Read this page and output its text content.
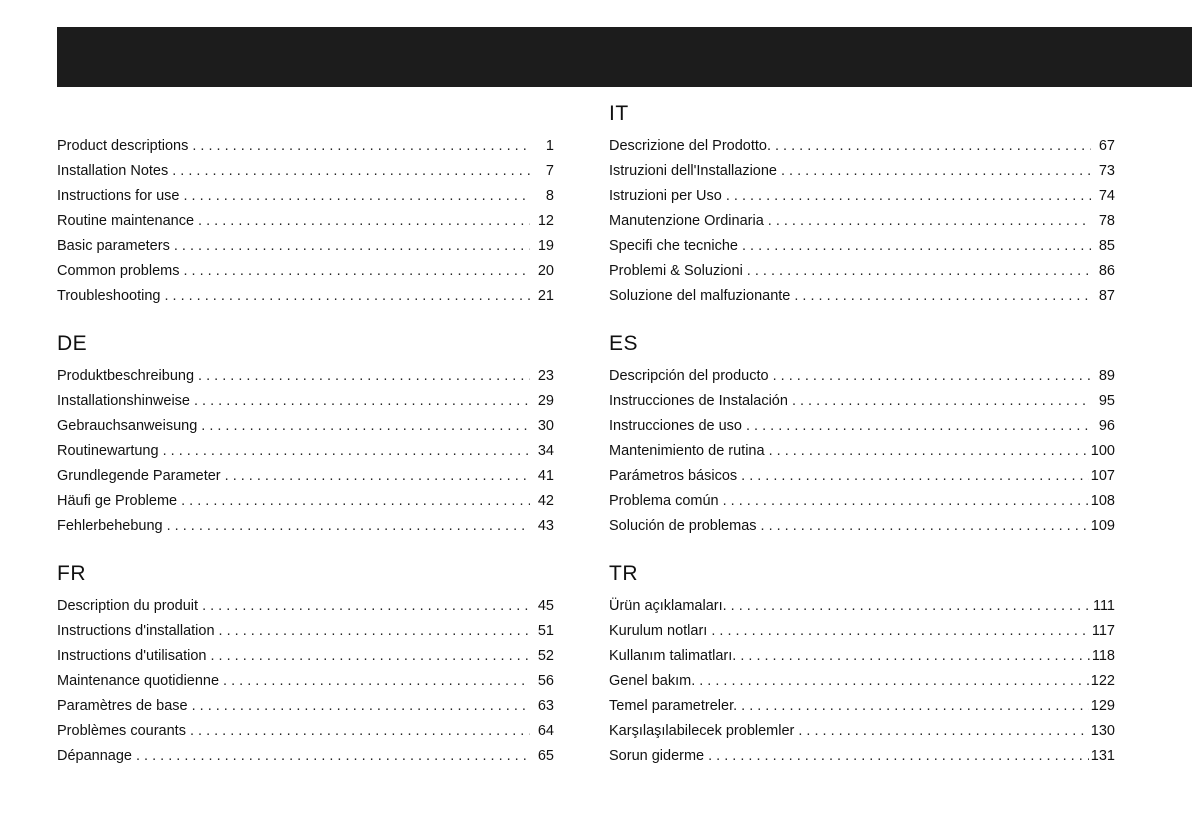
Product descriptions . . .	1
Installation Notes . . .	7
Instructions for use . . .	8
Routine maintenance . . .	12
Basic parameters . . .	19
Common problems . . .	20
Troubleshooting . . .	21
DE
Produktbeschreibung . . .	23
Installationshinweise . . .	29
Gebrauchsanweisung . . .	30
Routinewartung . . .	34
Grundlegende Parameter . . .	41
Häufi ge Probleme . . .	42
Fehlerbehebung . . .	43
FR
Description du produit . . .	45
Instructions d'installation . . .	51
Instructions d'utilisation . . .	52
Maintenance quotidienne . . .	56
Paramètres de base . . .	63
Problèmes courants . . .	64
Dépannage . . .	65
IT
Descrizione del Prodotto. . . .	67
Istruzioni dell'Installazione . . .	73
Istruzioni per Uso . . .	74
Manutenzione Ordinaria . . .	78
Specifi che tecniche . . .	85
Problemi & Soluzioni . . .	86
Soluzione del malfuzionante . . .	87
ES
Descripción del producto . . .	89
Instrucciones de Instalación . . .	95
Instrucciones de uso . . .	96
Mantenimiento de rutina . . .	100
Parámetros básicos . . .	107
Problema común . . .	108
Solución de problemas . . .	109
TR
Ürün açıklamaları. . . .	111
Kurulum notları . . .	117
Kullanım talimatları. . . .	118
Genel bakım. . . .	122
Temel parametreler. . . .	129
Karşılaşılabilecek problemler . . .	130
Sorun giderme . . .	131
